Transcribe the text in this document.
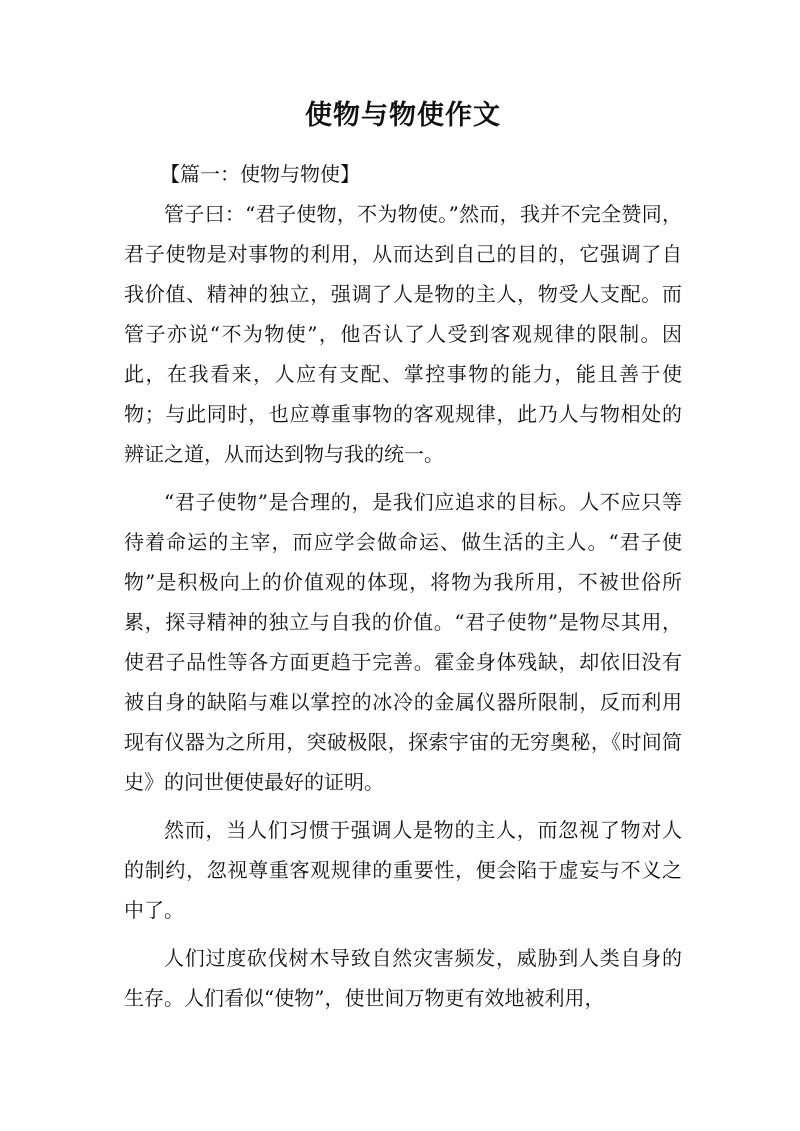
使物与物使作文

【篇一：使物与物使】

管子曰：“君子使物，不为物使。”然而，我并不完全赞同，君子使物是对事物的利用，从而达到自己的目的，它强调了自我价值、精神的独立，强调了人是物的主人，物受人支配。而管子亦说“不为物使”，他否认了人受到客观规律的限制。因此，在我看来，人应有支配、掌控事物的能力，能且善于使物；与此同时，也应尊重事物的客观规律，此乃人与物相处的辨证之道，从而达到物与我的统一。

“君子使物”是合理的，是我们应追求的目标。人不应只等待着命运的主宰，而应学会做命运、做生活的主人。“君子使物”是积极向上的价值观的体现，将物为我所用，不被世俗所累，探寻精神的独立与自我的价值。“君子使物”是物尽其用，使君子品性等各方面更趋于完善。霍金身体残缺，却依旧没有被自身的缺陷与难以掌控的冰冷的金属仪器所限制，反而利用现有仪器为之所用，突破极限，探索宇宙的无穷奥秘，《时间简史》的问世便使最好的证明。

然而，当人们习惯于强调人是物的主人，而忽视了物对人的制约，忽视尊重客观规律的重要性，便会陷于虚妄与不义之中了。

人们过度砍伐树木导致自然灾害频发，威胁到人类自身的生存。人们看似“使物”，使世间万物更有效地被利用，
